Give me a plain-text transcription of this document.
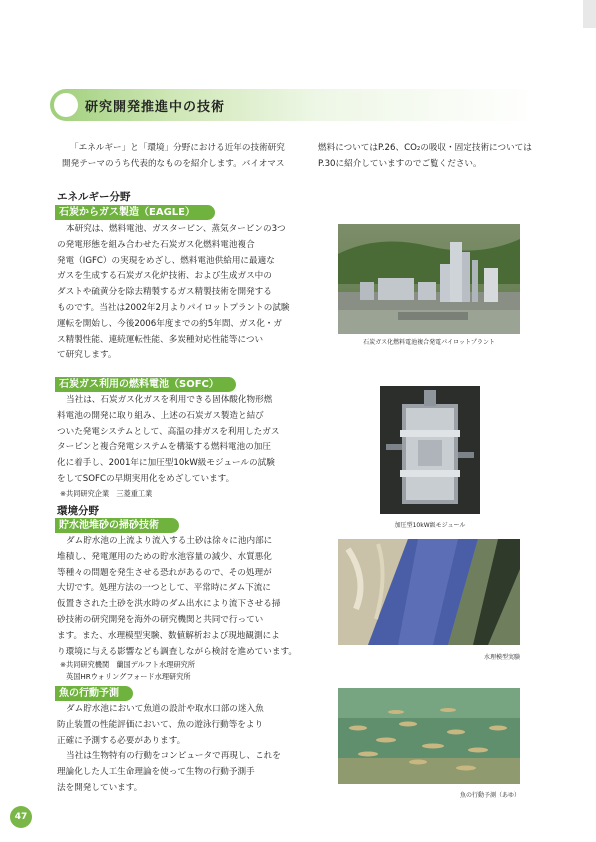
研究開発推進中の技術
「エネルギー」と「環境」分野における近年の技術研究
開発テーマのうち代表的なものを紹介します。バイオマス
燃料についてはP.26、CO₂の吸収・固定技術については
P.30に紹介していますのでご覧ください。
エネルギー分野
石炭からガス製造（EAGLE）
本研究は、燃料電池、ガスタービン、蒸気タービンの3つ
の発電形態を組み合わせた石炭ガス化燃料電池複合
発電（IGFC）の実現をめざし、燃料電池供給用に最適な
ガスを生成する石炭ガス化炉技術、および生成ガス中の
ダストや硫黄分を除去精製するガス精製技術を開発する
ものです。当社は2002年2月よりパイロットプラントの試験
運転を開始し、今後2006年度までの約5年間、ガス化・ガ
ス精製性能、連続運転性能、多炭種対応性能等につい
て研究します。
石炭ガス化燃料電池複合発電パイロットプラント
石炭ガス利用の燃料電池（SOFC）
当社は、石炭ガス化ガスを利用できる固体酸化物形燃
料電池の開発に取り組み、上述の石炭ガス製造と結び
ついた発電システムとして、高温の排ガスを利用したガス
タービンと複合発電システムを構築する燃料電池の加圧
化に着手し、2001年に加圧型10kW級モジュールの試験
をしてSOFCの早期実用化をめざしています。
※共同研究企業　三菱重工業
加圧型10kW級モジュール
環境分野
貯水池堆砂の掃砂技術
ダム貯水池の上流より流入する土砂は徐々に池内部に
堆積し、発電運用のための貯水池容量の減少、水質悪化
等種々の問題を発生させる恐れがあるので、その処理が
大切です。処理方法の一つとして、平常時にダム下流に
仮置きされた土砂を洪水時のダム出水により流下させる掃
砂技術の研究開発を海外の研究機関と共同で行ってい
ます。また、水理模型実験、数値解析および現地観測によ
り環境に与える影響なども調査しながら検討を進めています。
※共同研究機関　蘭国デルフト水理研究所
英国HRウォリングフォード水理研究所
水理模型実験
魚の行動予測
ダム貯水池において魚道の設計や取水口部の迷入魚
防止装置の性能評価において、魚の遊泳行動等をより
正確に予測する必要があります。
当社は生物特有の行動をコンピュータで再現し、これを
理論化した人工生命理論を使って生物の行動予測手
法を開発しています。
魚の行動予測（あゆ）
47
